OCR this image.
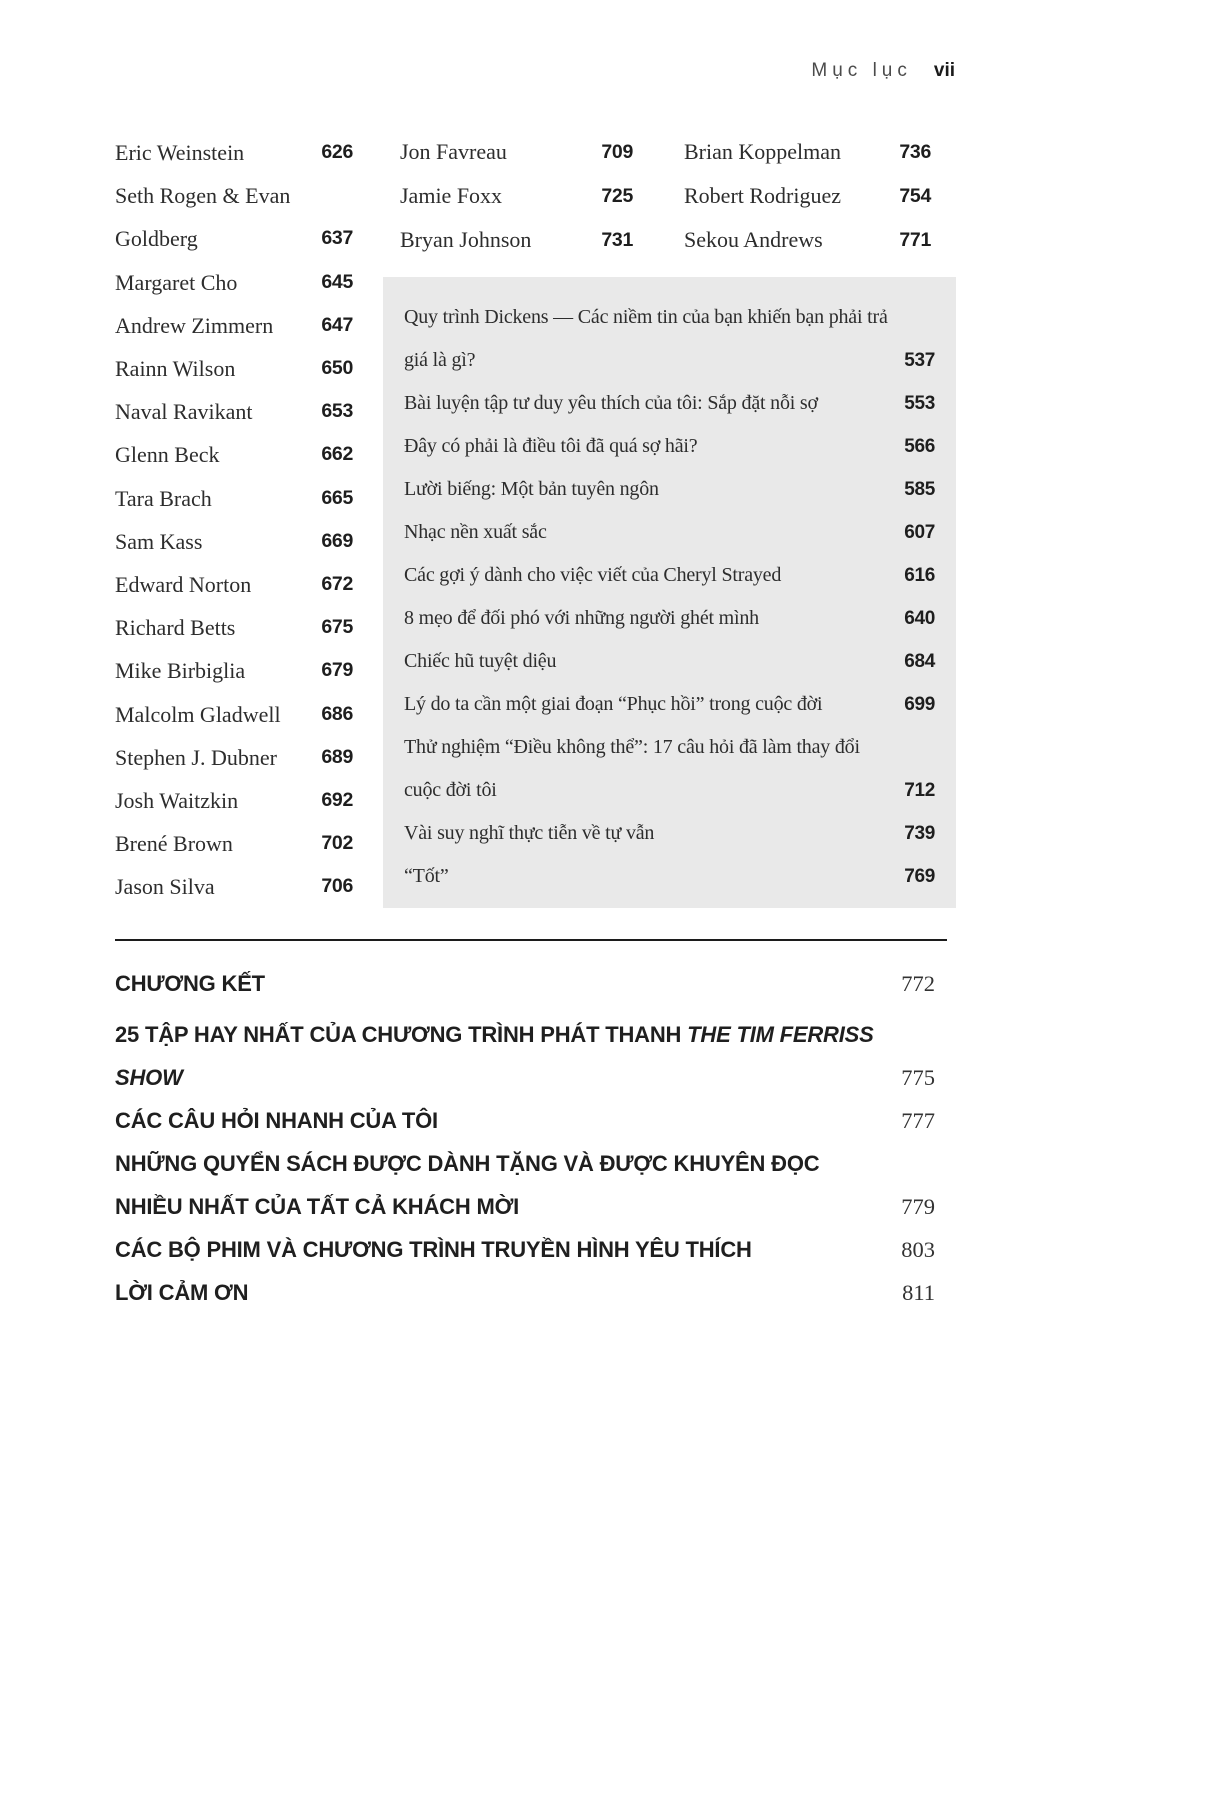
Mục lục vii
Eric Weinstein	626
Seth Rogen & Evan Goldberg	637
Margaret Cho	645
Andrew Zimmern	647
Rainn Wilson	650
Naval Ravikant	653
Glenn Beck	662
Tara Brach	665
Sam Kass	669
Edward Norton	672
Richard Betts	675
Mike Birbiglia	679
Malcolm Gladwell	686
Stephen J. Dubner	689
Josh Waitzkin	692
Brené Brown	702
Jason Silva	706
Jon Favreau	709
Jamie Foxx	725
Bryan Johnson	731
Brian Koppelman	736
Robert Rodriguez	754
Sekou Andrews	771
Quy trình Dickens — Các niềm tin của bạn khiến bạn phải trả giá là gì?	537
Bài luyện tập tư duy yêu thích của tôi: Sắp đặt nỗi sợ	553
Đây có phải là điều tôi đã quá sợ hãi?	566
Lười biếng: Một bản tuyên ngôn	585
Nhạc nền xuất sắc	607
Các gợi ý dành cho việc viết của Cheryl Strayed	616
8 mẹo để đối phó với những người ghét mình	640
Chiếc hũ tuyệt diệu	684
Lý do ta cần một giai đoạn “Phục hồi” trong cuộc đời	699
Thử nghiệm “Điều không thể”: 17 câu hỏi đã làm thay đổi cuộc đời tôi	712
Vài suy nghĩ thực tiễn về tự vẫn	739
“Tốt”	769
CHƯƠNG KẾT	772
25 TẬP HAY NHẤT CỦA CHƯƠNG TRÌNH PHÁT THANH THE TIM FERRISS SHOW	775
CÁC CÂU HỎI NHANH CỦA TÔI	777
NHỮNG QUYỂN SÁCH ĐƯỢC DÀNH TẶNG VÀ ĐƯỢC KHUYÊN ĐỌC NHIỀU NHẤT CỦA TẤT CẢ KHÁCH MỜI	779
CÁC BỘ PHIM VÀ CHƯƠNG TRÌNH TRUYỀN HÌNH YÊU THÍCH	803
LỜI CẢM ƠN	811
